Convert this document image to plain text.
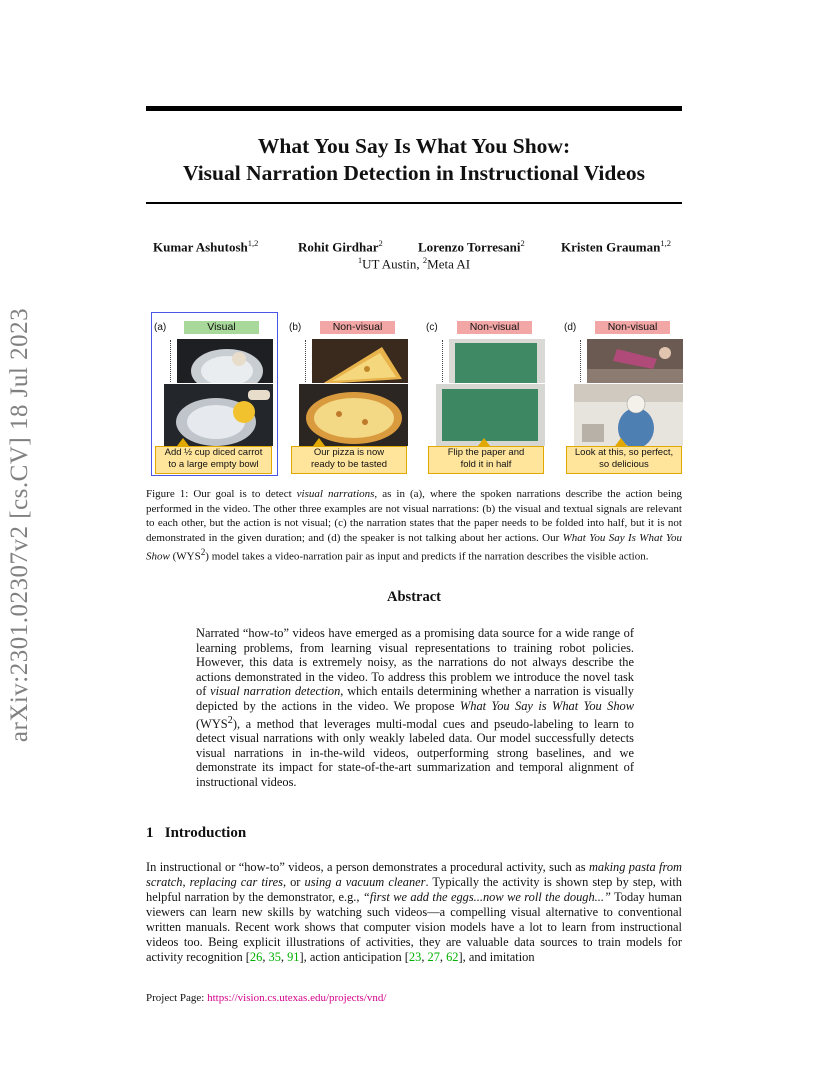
arXiv:2301.02307v2 [cs.CV] 18 Jul 2023
What You Say Is What You Show:
Visual Narration Detection in Instructional Videos
Kumar Ashutosh$^{1,2}$	Rohit Girdhar$^2$	Lorenzo Torresani$^2$	Kristen Grauman$^{1,2}$
$^1$UT Austin, $^2$Meta AI
(a)	Visual
Add ½ cup diced carrot
to a large empty bowl
(b)	Non-visual
Our pizza is now
ready to be tasted
(c)	Non-visual
Flip the paper and
fold it in half
(d)	Non-visual
Look at this, so perfect,
so delicious
Figure 1: Our goal is to detect visual narrations, as in (a), where the spoken narrations describe the action being performed in the video. The other three examples are not visual narrations: (b) the visual and textual signals are relevant to each other, but the action is not visual; (c) the narration states that the paper needs to be folded into half, but it is not demonstrated in the given duration; and (d) the speaker is not talking about her actions. Our What You Say Is What You Show (WYS$^2$) model takes a video-narration pair as input and predicts if the narration describes the visible action.
Abstract
Narrated “how-to” videos have emerged as a promising data source for a wide range of learning problems, from learning visual representations to training robot policies. However, this data is extremely noisy, as the narrations do not always describe the actions demonstrated in the video. To address this problem we introduce the novel task of visual narration detection, which entails determining whether a narration is visually depicted by the actions in the video. We propose What You Say is What You Show (WYS$^2$), a method that leverages multi-modal cues and pseudo-labeling to learn to detect visual narrations with only weakly labeled data. Our model successfully detects visual narrations in in-the-wild videos, outperforming strong baselines, and we demonstrate its impact for state-of-the-art summarization and temporal alignment of instructional videos.
1   Introduction
In instructional or “how-to” videos, a person demonstrates a procedural activity, such as making pasta from scratch, replacing car tires, or using a vacuum cleaner. Typically the activity is shown step by step, with helpful narration by the demonstrator, e.g., “first we add the eggs...now we roll the dough...” Today human viewers can learn new skills by watching such videos—a compelling visual alternative to conventional written manuals. Recent work shows that computer vision models have a lot to learn from instructional videos too. Being explicit illustrations of activities, they are valuable data sources to train models for activity recognition [26, 35, 91], action anticipation [23, 27, 62], and imitation
Project Page: https://vision.cs.utexas.edu/projects/vnd/
